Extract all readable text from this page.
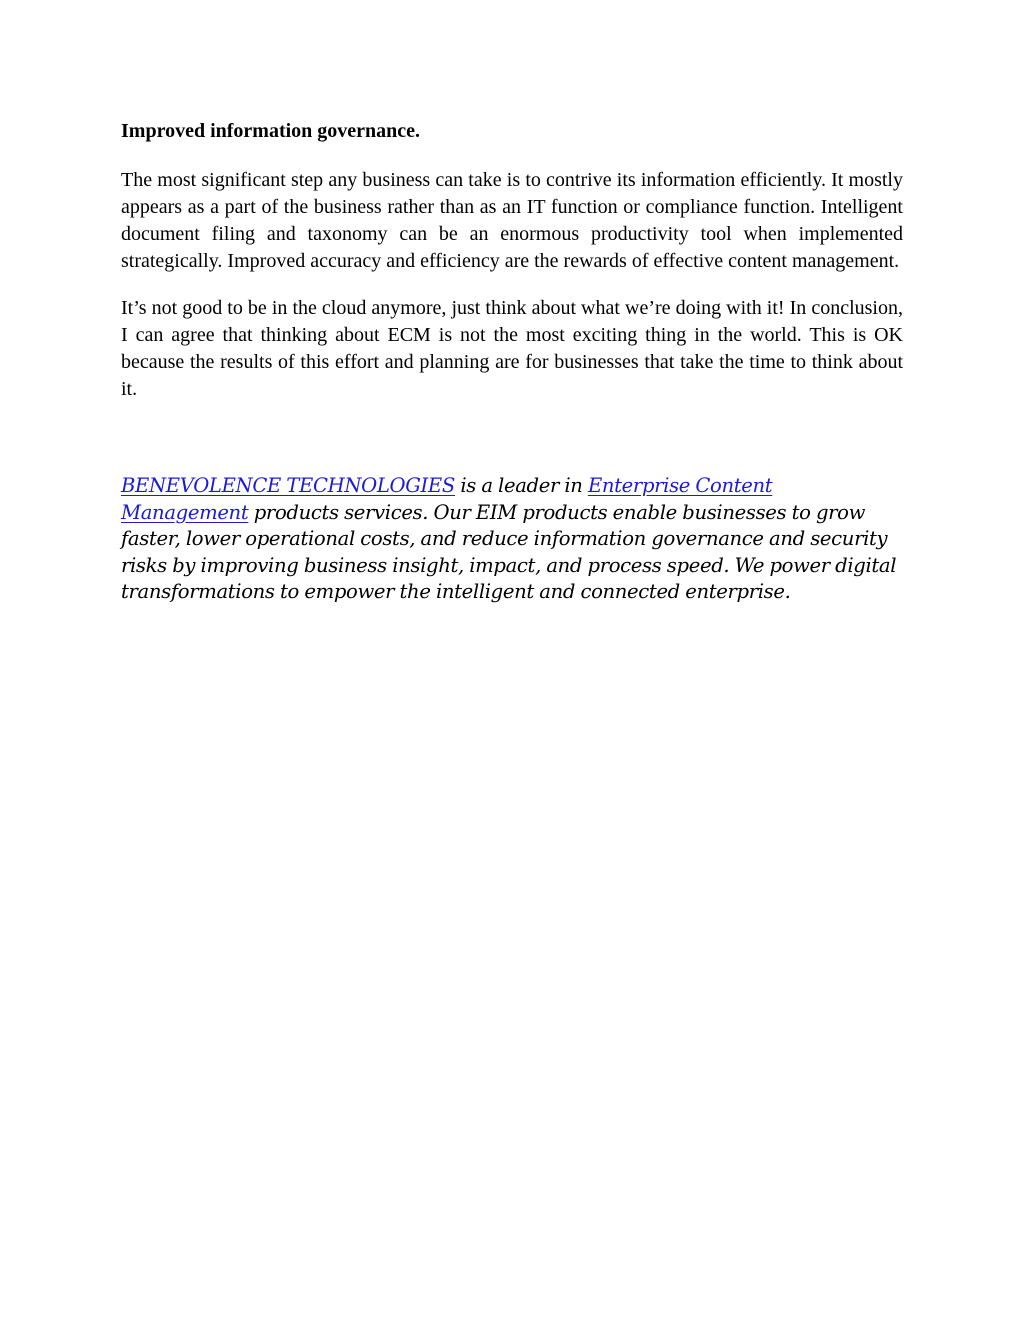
Improved information governance.

The most significant step any business can take is to contrive its information efficiently. It mostly appears as a part of the business rather than as an IT function or compliance function. Intelligent document filing and taxonomy can be an enormous productivity tool when implemented strategically. Improved accuracy and efficiency are the rewards of effective content management.

It’s not good to be in the cloud anymore, just think about what we’re doing with it! In conclusion, I can agree that thinking about ECM is not the most exciting thing in the world. This is OK because the results of this effort and planning are for businesses that take the time to think about it.

BENEVOLENCE TECHNOLOGIES is a leader in Enterprise Content Management products services. Our EIM products enable businesses to grow faster, lower operational costs, and reduce information governance and security risks by improving business insight, impact, and process speed. We power digital transformations to empower the intelligent and connected enterprise.
